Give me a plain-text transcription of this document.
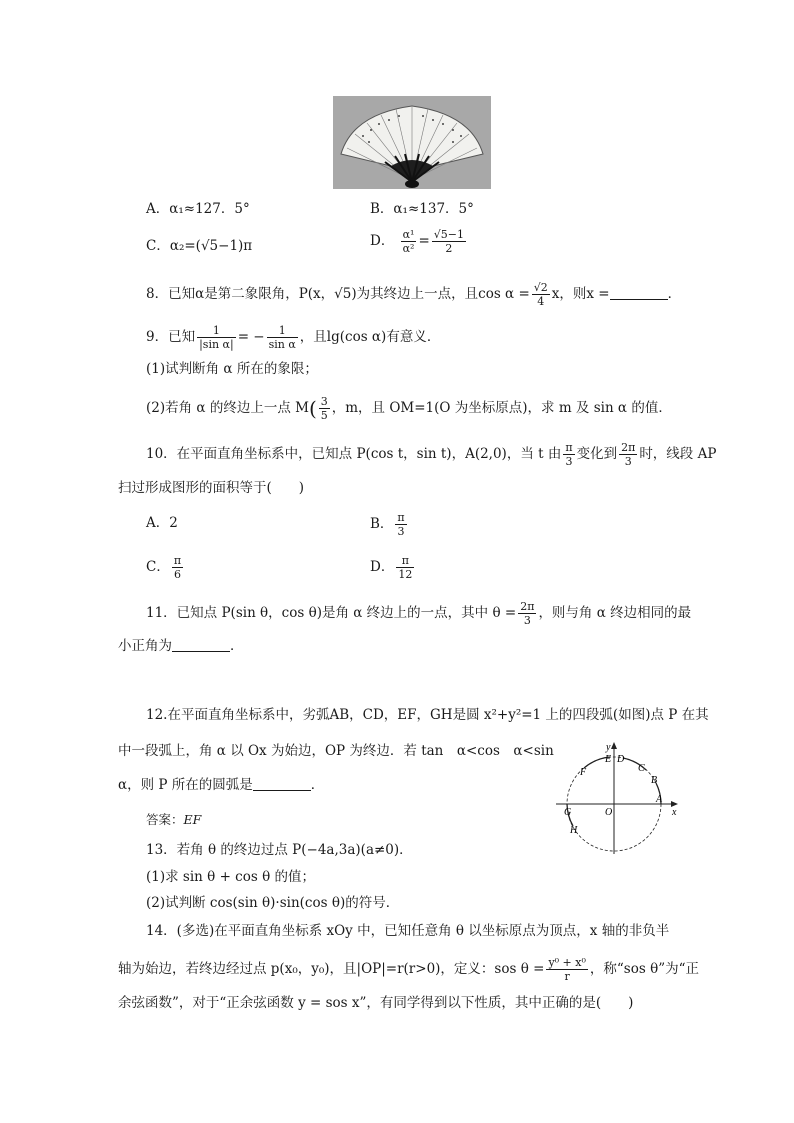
A．α₁≈127．5°	B．α₁≈137．5°
C．α₂=(√5−1)π	D． $\frac{\text{α¹}}{\text{α²}} = \frac{√5-1}{2}$
8．已知α是第二象限角，P(x，√5)为其终边上一点，且$\cos \alpha = \frac{√2}{4}$ x，则x =	．
9．已知 $\frac{1}{\text{|sin α|}}$ = − $\frac{1}{\text{sin α}}$ ，且lg(cos α)有意义．
(1)试判断角 α 所在的象限；
(2)若角 α 的终边上一点 $M( \frac{3}{5}$ ，m，且 OM=1(O 为坐标原点)，求 m 及 sin α 的值．
10．在平面直角坐标系中，已知点 P(cos t，sin t)，A(2,0)，当 t 由 $\frac{\pi}{3}$ 变化到 $\frac{2\pi}{3}$ 时，线段 AP
扫过形成图形的面积等于(　　)
A．2	B． $\frac{\pi}{3}$
C． $\frac{\pi}{6}$	D． $\frac{\pi}{12}$
11．已知点 P(sin θ，cos θ)是角 α 终边上的一点，其中 $\theta = \frac{2\pi}{3}$ ，则与角 α 终边相同的最
小正角为	．
12.在平面直角坐标系中，劣弧AB，CD，EF，GH是圆 x²+y²=1 上的四段弧(如图)点 P 在其
中一段弧上，角 α 以 Ox 为始边，OP 为终边．若 tan　α<cos　α<sin
α，则 P 所在的圆弧是	．
答案：EF
y
x
O
A
B
C
D
E
F
G
H
13．若角 θ 的终边过点 P(−4a,3a)(a≠0)．
(1)求 sin θ + cos θ 的值；
(2)试判断 cos(sin θ)·sin(cos θ)的符号．
14．(多选)在平面直角坐标系 xOy 中，已知任意角 θ 以坐标原点为顶点，x 轴的非负半
轴为始边，若终边经过点 p(x₀，y₀)，且|OP|=r(r>0)，定义：sos $\theta = \frac{\text{y⁰ + x⁰}}{r}$ ，称“sos θ”为“正
余弦函数”，对于“正余弦函数 y = sos x”，有同学得到以下性质，其中正确的是(　　)
